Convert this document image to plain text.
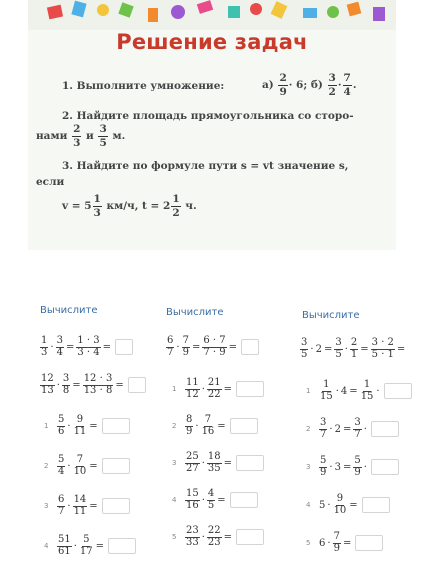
Решение задач
1. Выполните умножение:	а)
$\frac{2}{9} \cdot 6$;
б)
$\frac{3}{2} \cdot \frac{7}{4}$ .
2. Найдите площадь прямоугольника со сторо-
нами
$\frac{2}{3}$
и
$\frac{3}{5}$
м.
3. Найдите по формуле пути s = vt значение s,
если
$v = 5 \frac{1}{3}$
км/ч,
$t = 2 \frac{1}{2}$
ч.
Вычислите	Вычислите	Вычислите
1
$3 \cdot \frac{3}{4} = \frac{1 \cdot 3}{3 \cdot 4}$ =
12
$13 \cdot \frac{3}{8} = \frac{12 \cdot 3}{13 \cdot 8}$ =
6
$7 \cdot \frac{7}{9} = \frac{6 \cdot 7}{7 \cdot 9}$ =	3
$5 \cdot 2 = \frac{3}{5} \cdot \frac{2}{1} = \frac{3 \cdot 2}{5 \cdot 1}$ =
1
5
$6 \cdot \frac{9}{11}$ =
2
5
$4 \cdot \frac{7}{10}$ =
3
6
$7 \cdot \frac{14}{11}$ =
4
51
$61 \cdot \frac{5}{17}$ =
1
11
$12 \cdot \frac{21}{22}$ =
2
8
$9 \cdot \frac{7}{16}$ =
3
25
$27 \cdot \frac{18}{35}$ =
4
15
$16 \cdot \frac{4}{5}$ =
5
23
$33 \cdot \frac{22}{23}$ =
1
1
$15 \cdot 4 = \frac{1}{15}$ ·
2
3
$7 \cdot 2 = \frac{3}{7}$ ·
3
5
$9 \cdot 3 = \frac{5}{9}$ ·
4 $5 \cdot \frac{9}{10}$ =
5 $6 \cdot \frac{7}{9}$ =
